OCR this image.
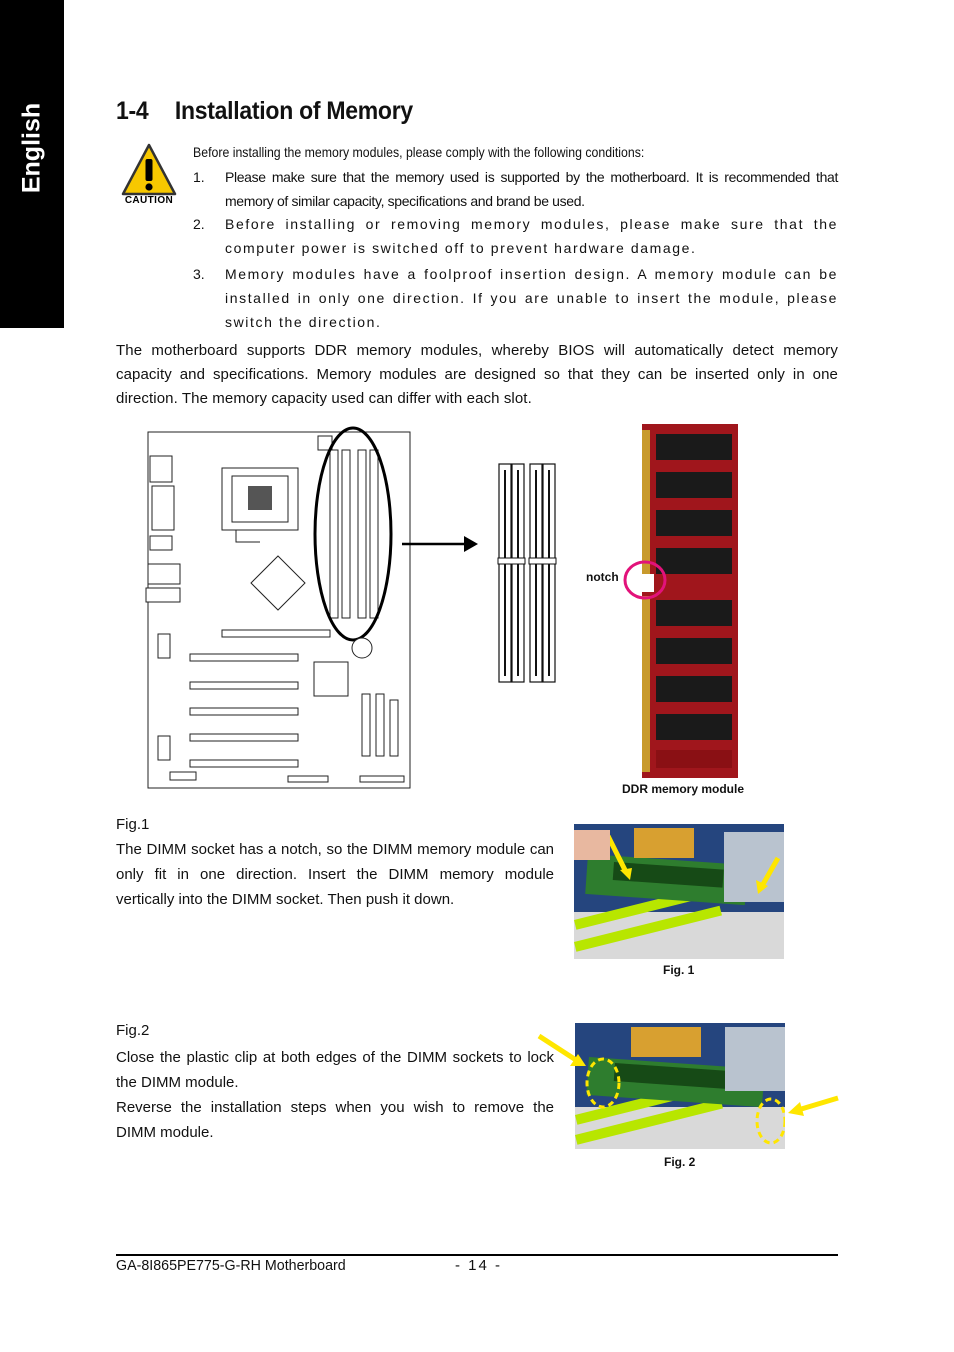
English	1-4 Installation of Memory
CAUTION
Before installing the memory modules, please comply with the following conditions:
1. Please make sure that the memory used is supported by the motherboard. It is recommended that memory of similar capacity, specifications and brand be used.
2. Before installing or removing memory modules, please make sure that the computer power is switched off to prevent hardware damage.
3. Memory modules have a foolproof insertion design. A memory module can be installed in only one direction. If you are unable to insert the module, please switch the direction.

The motherboard supports DDR memory modules, whereby BIOS will automatically detect memory capacity and specifications. Memory modules are designed so that they can be inserted only in one direction. The memory capacity used can differ with each slot.

notch
DDR memory module
Fig.1

The DIMM socket has a notch, so the DIMM memory module can only fit in one direction. Insert the DIMM memory module vertically into the DIMM socket. Then push it down.

Fig. 1
Fig.2

Close the plastic clip at both edges of the DIMM sockets to lock the DIMM module.

Reverse the installation steps when you wish to remove the DIMM module.

Fig. 2
GA-8I865PE775-G-RH Motherboard	- 14 -
